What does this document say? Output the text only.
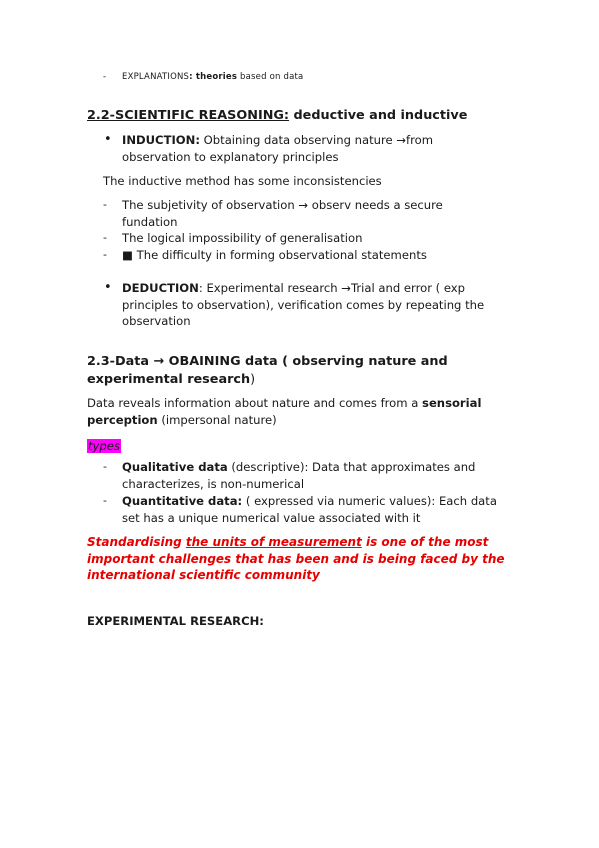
- EXPLANATIONS: theories based on data
2.2-SCIENTIFIC REASONING: deductive and inductive
• INDUCTION: Obtaining data observing nature →from
observation to explanatory principles
The inductive method has some inconsistencies
- The subjetivity of observation → observ needs a secure
fundation
- The logical impossibility of generalisation
- ■ The difficulty in forming observational statements
• DEDUCTION: Experimental research →Trial and error ( exp
principles to observation), verification comes by repeating the
observation
2.3-Data → OBAINING data ( observing nature and
experimental research)
Data reveals information about nature and comes from a sensorial
perception (impersonal nature)
types
- Qualitative data (descriptive): Data that approximates and
characterizes, is non-numerical
- Quantitative data: ( expressed via numeric values): Each data
set has a unique numerical value associated with it
Standardising the units of measurement is one of the most
important challenges that has been and is being faced by the
international scientific community
EXPERIMENTAL RESEARCH:
